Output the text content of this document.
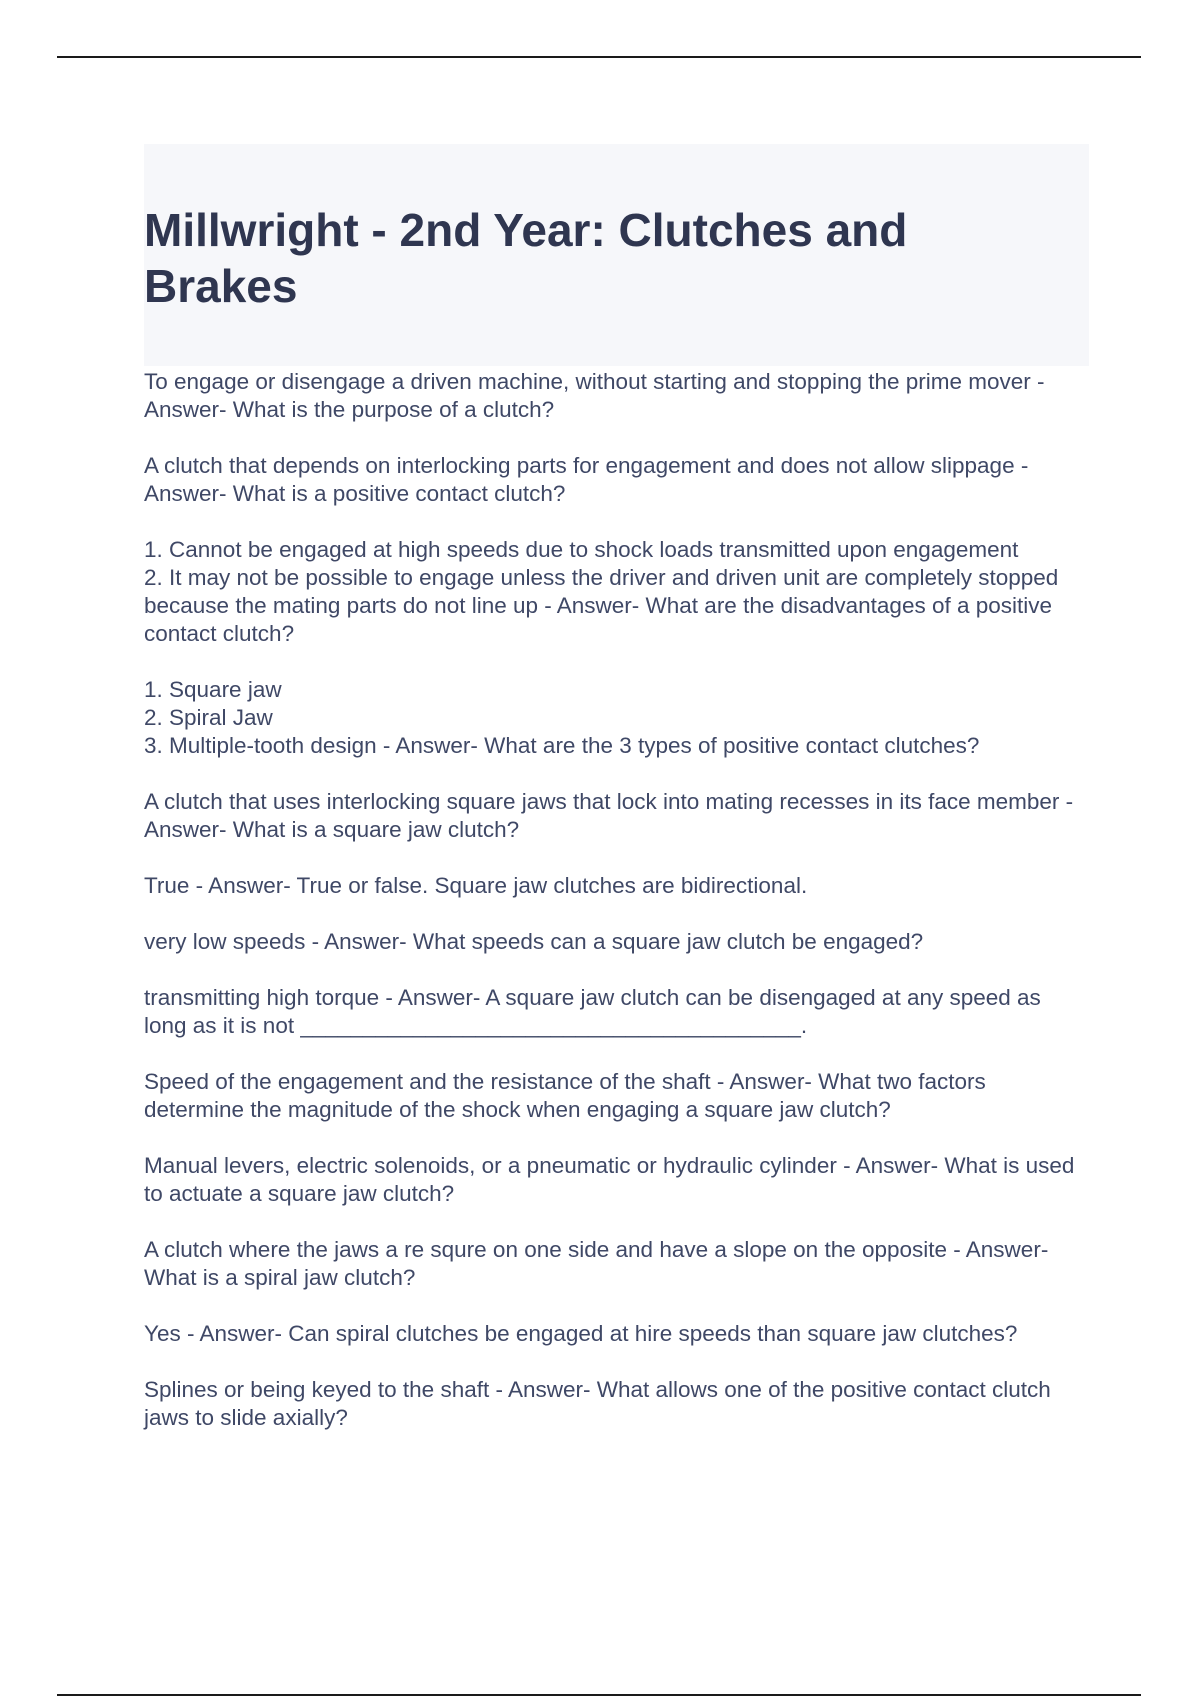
Millwright - 2nd Year: Clutches and Brakes

To engage or disengage a driven machine, without starting and stopping the prime mover - Answer- What is the purpose of a clutch?

A clutch that depends on interlocking parts for engagement and does not allow slippage - Answer- What is a positive contact clutch?

1. Cannot be engaged at high speeds due to shock loads transmitted upon engagement
2. It may not be possible to engage unless the driver and driven unit are completely stopped because the mating parts do not line up - Answer- What are the disadvantages of a positive contact clutch?

1. Square jaw
2. Spiral Jaw
3. Multiple-tooth design - Answer- What are the 3 types of positive contact clutches?

A clutch that uses interlocking square jaws that lock into mating recesses in its face member - Answer- What is a square jaw clutch?

True - Answer- True or false. Square jaw clutches are bidirectional.

very low speeds - Answer- What speeds can a square jaw clutch be engaged?

transmitting high torque - Answer- A square jaw clutch can be disengaged at any speed as long as it is not ________________________________________.

Speed of the engagement and the resistance of the shaft - Answer- What two factors determine the magnitude of the shock when engaging a square jaw clutch?

Manual levers, electric solenoids, or a pneumatic or hydraulic cylinder - Answer- What is used to actuate a square jaw clutch?

A clutch where the jaws a re squre on one side and have a slope on the opposite - Answer- What is a spiral jaw clutch?

Yes - Answer- Can spiral clutches be engaged at hire speeds than square jaw clutches?

Splines or being keyed to the shaft - Answer- What allows one of the positive contact clutch jaws to slide axially?
